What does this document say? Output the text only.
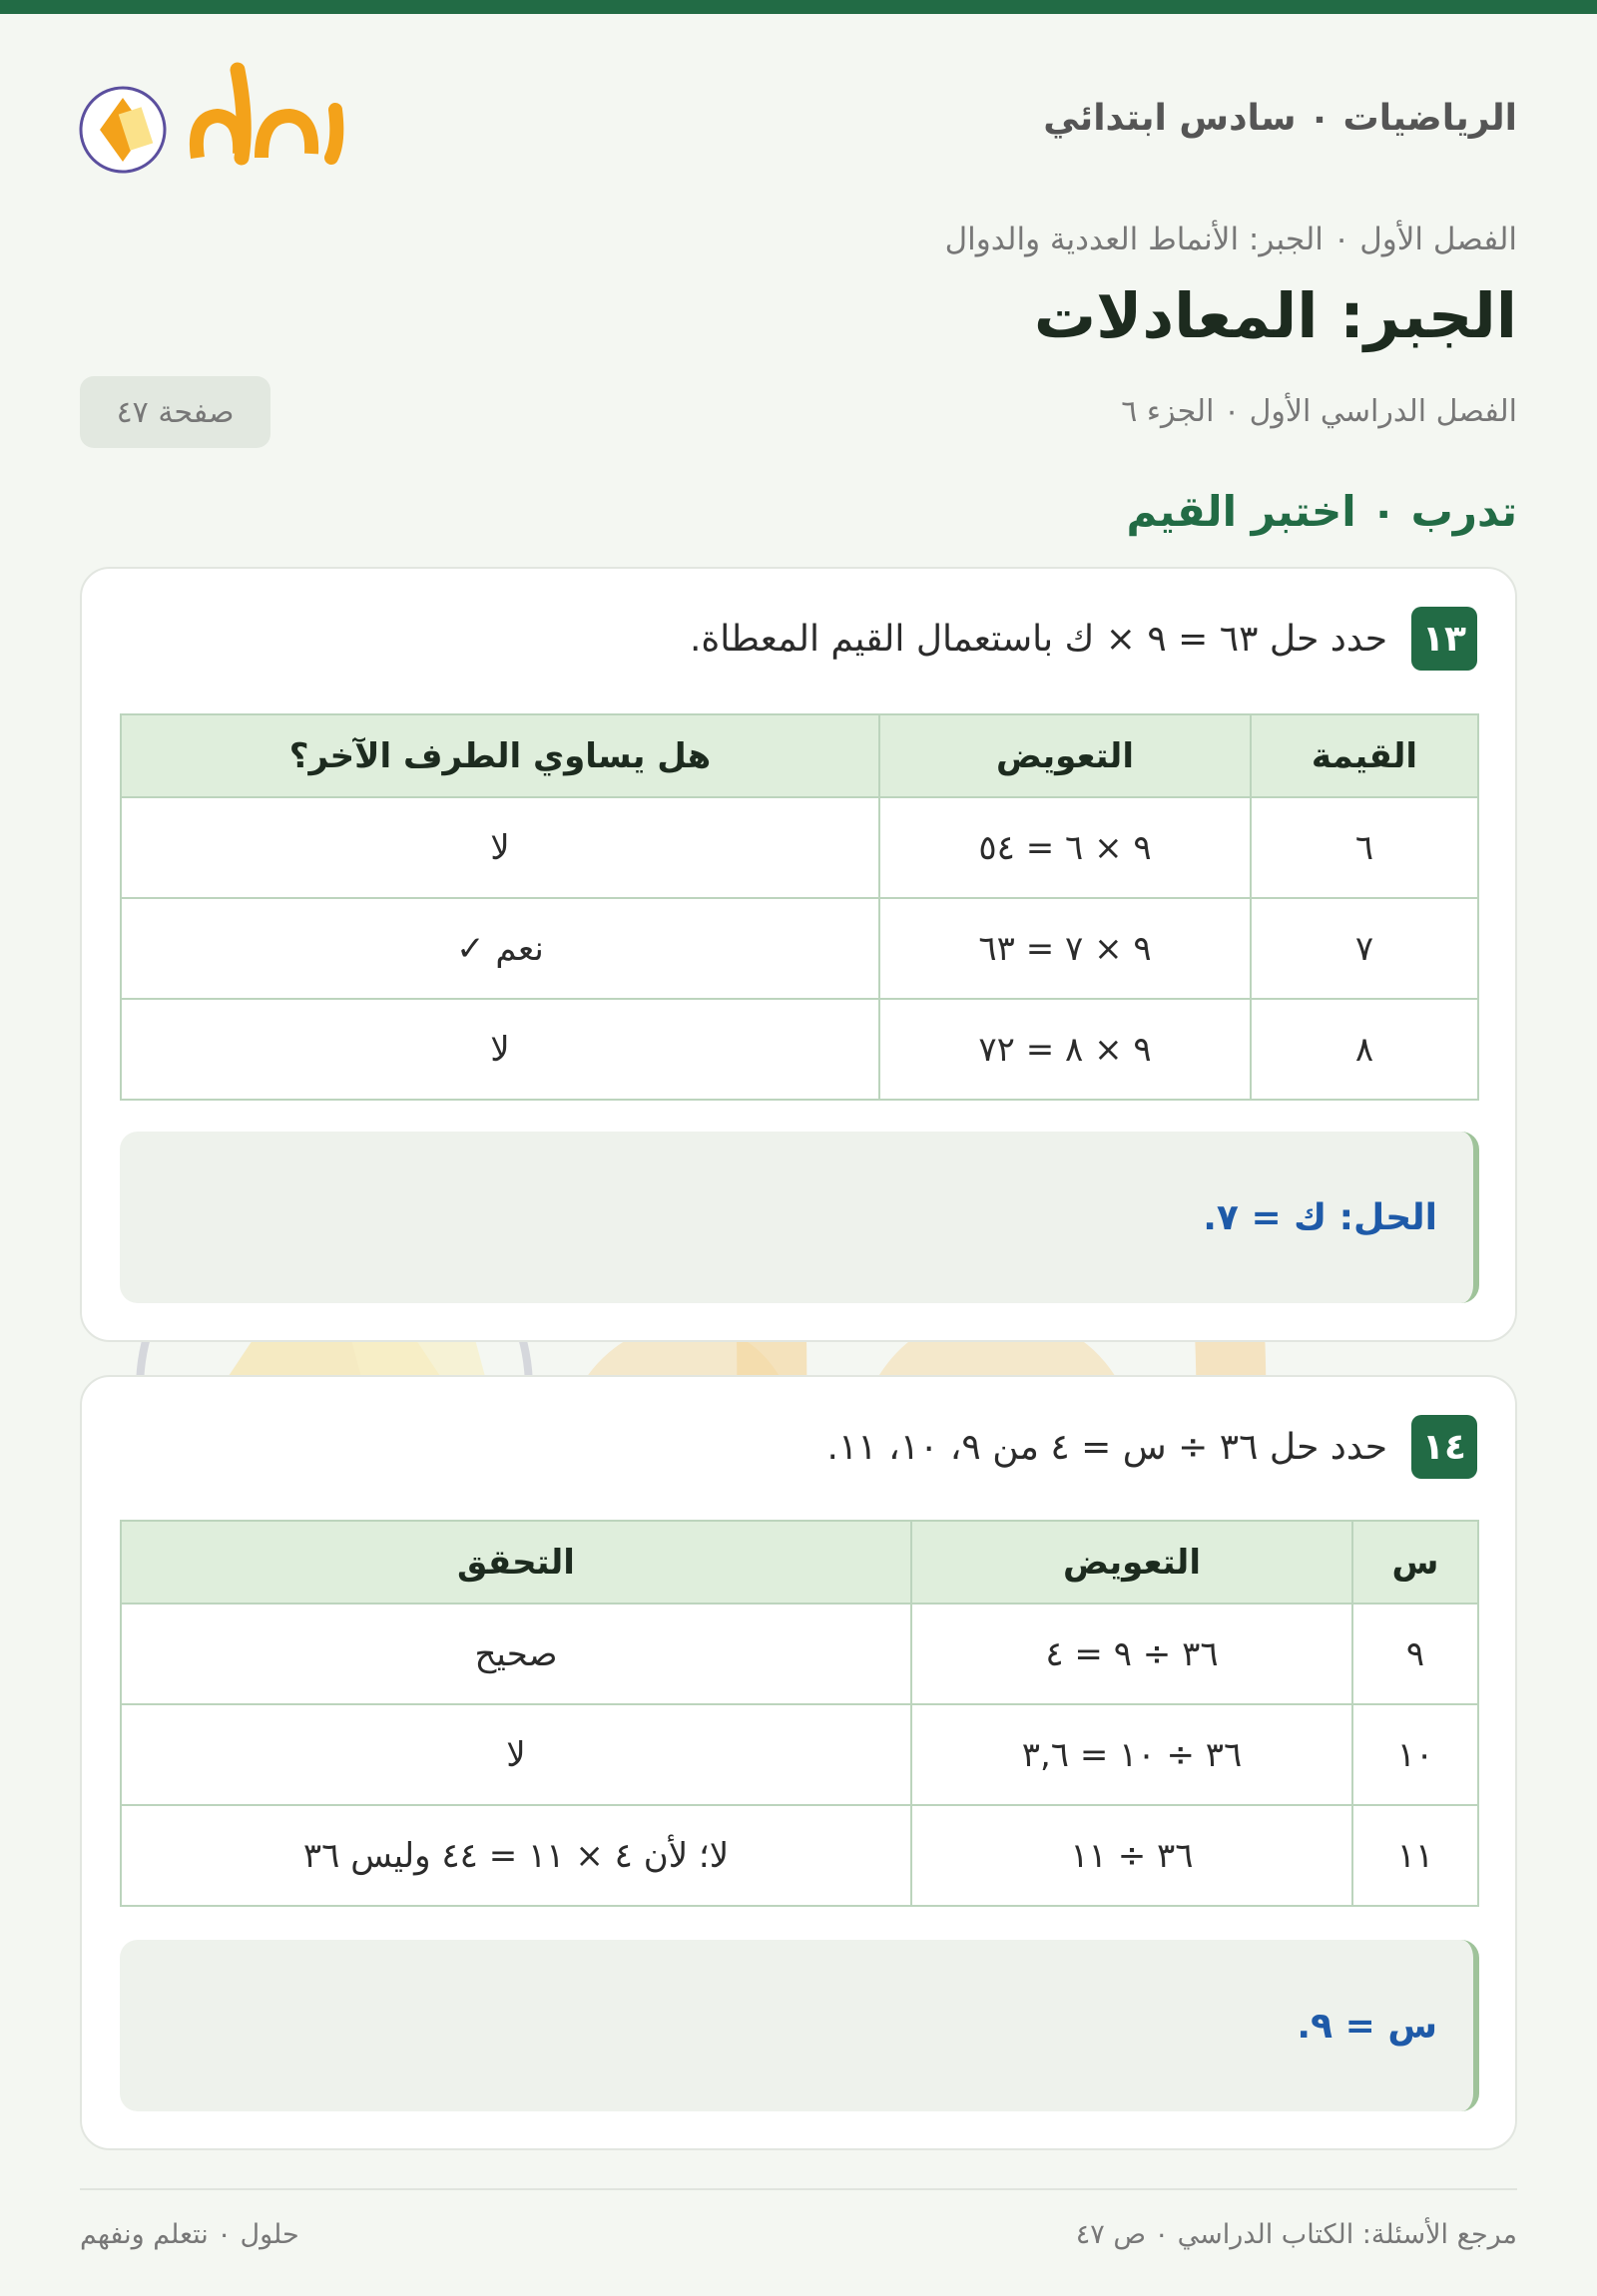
الرياضيات ٠ سادس ابتدائي
الفصل الأول ٠ الجبر: الأنماط العددية والدوال
الجبر: المعادلات
الفصل الدراسي الأول ٠ الجزء ٦
صفحة ٤٧
تدرب ٠ اختبر القيم
١٣
حدد حل ٦٣ = ٩ × ك باستعمال القيم المعطاة.
القيمة	التعويض	هل يساوي الطرف الآخر؟
٦	٩ × ٦ = ٥٤	لا
٧	٩ × ٧ = ٦٣	نعم ✓
٨	٩ × ٨ = ٧٢	لا
الحل: ك = ٧.
١٤
حدد حل ٣٦ ÷ س = ٤ من ٩، ١٠، ١١.
س	التعويض	التحقق
٩	٣٦ ÷ ٩ = ٤	صحيح
١٠	٣٦ ÷ ١٠ = ٣,٦	لا
١١	٣٦ ÷ ١١	لا؛ لأن ٤ × ١١ = ٤٤ وليس ٣٦
س = ٩.
مرجع الأسئلة: الكتاب الدراسي ٠ ص ٤٧
حلول ٠ نتعلم ونفهم
